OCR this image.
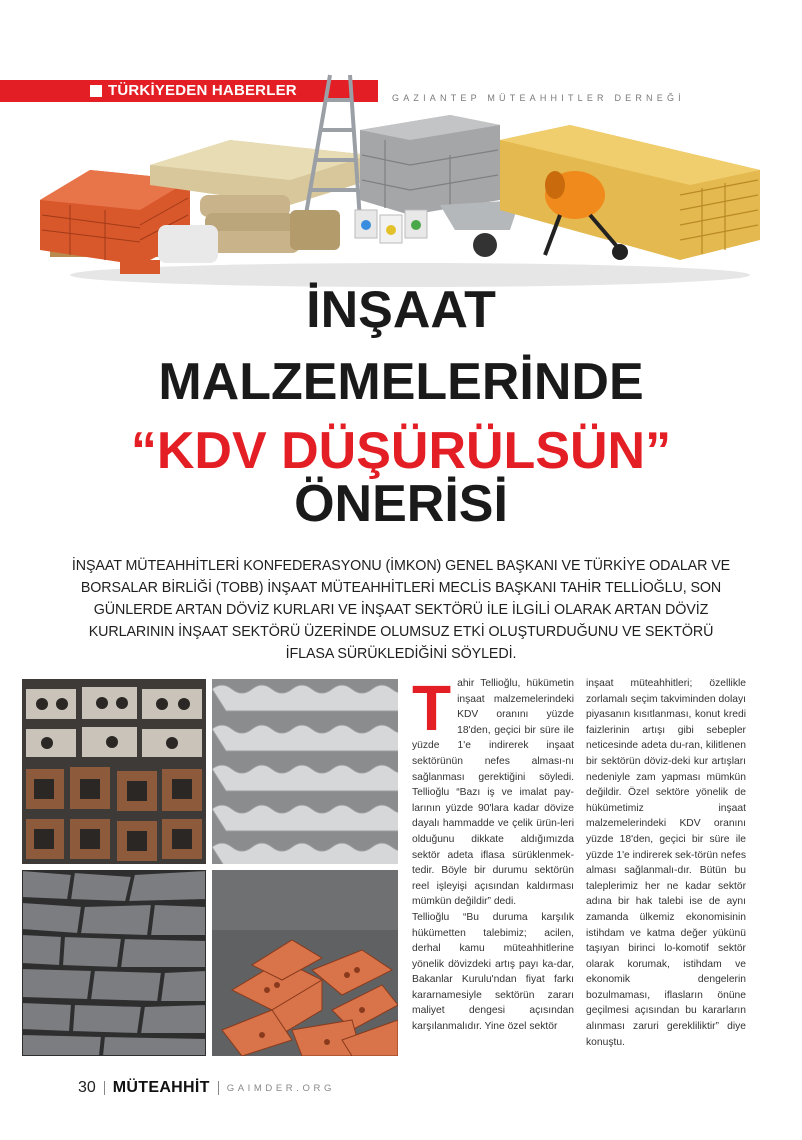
TÜRKİYEDEN HABERLER	GAZIANTEP MÜTEAHHITLER DERNEĞİ
İNŞAAT
MALZEMELERİNDE
“KDV DÜŞÜRÜLSÜN”
ÖNERİSİ
İNŞAAT MÜTEAHHİTLERİ KONFEDERASYONU (İMKON) GENEL BAŞKANI VE TÜRKİYE ODALAR VE BORSALAR BİRLİĞİ (TOBB) İNŞAAT MÜTEAHHİTLERİ MECLİS BAŞKANI TAHİR TELLİOĞLU, SON GÜNLERDE ARTAN DÖVİZ KURLARI VE İNŞAAT SEKTÖRÜ İLE İLGİLİ OLARAK ARTAN DÖVİZ KURLARININ İNŞAAT SEKTÖRÜ ÜZERİNDE OLUMSUZ ETKİ OLUŞTURDUĞUNU VE SEKTÖRÜ İFLASA SÜRÜKLEDİĞİNİ SÖYLEDİ.

Tahir Tellioğlu, hükümetin inşaat malzemelerindeki KDV oranını yüzde 18'den, geçici bir süre ile yüzde 1'e indirerek inşaat sektörünün nefes alması-nı sağlanması gerektiğini söyledi. Tellioğlu “Bazı iş ve imalat pay-larının yüzde 90'lara kadar dövize dayalı hammadde ve çelik ürün-leri olduğunu dikkate aldığımızda sektör adeta iflasa sürüklenmek-tedir. Böyle bir durumu sektörün reel işleyişi açısından kaldırması mümkün değildir” dedi.

Tellioğlu “Bu duruma karşılık hükümetten talebimiz; acilen, derhal kamu müteahhitlerine yönelik dövizdeki artış payı ka-dar, Bakanlar Kurulu'ndan fiyat farkı kararnamesiyle sektörün zararı maliyet dengesi açısından karşılanmalıdır. Yine özel sektör

inşaat müteahhitleri; özellikle zorlamalı seçim takviminden dolayı piyasanın kısıtlanması, konut kredi faizlerinin artışı gibi sebepler neticesinde adeta du-ran, kilitlenen bir sektörün döviz-deki kur artışları nedeniyle zam yapması mümkün değildir. Özel sektöre yönelik de hükümetimiz inşaat malzemelerindeki KDV oranını yüzde 18'den, geçici bir süre ile yüzde 1'e indirerek sek-törün nefes alması sağlanmalı-dır. Bütün bu taleplerimiz her ne kadar sektör adına bir hak talebi ise de aynı zamanda ülkemiz ekonomisinin istihdam ve katma değer yükünü taşıyan birinci lo-komotif sektör olarak korumak, istihdam ve ekonomik dengelerin bozulmaması, iflasların önüne geçilmesi açısından bu kararların alınması zaruri gerekliliktir” diye konuştu.

30 MÜTEAHHİT GAIMDER.ORG
